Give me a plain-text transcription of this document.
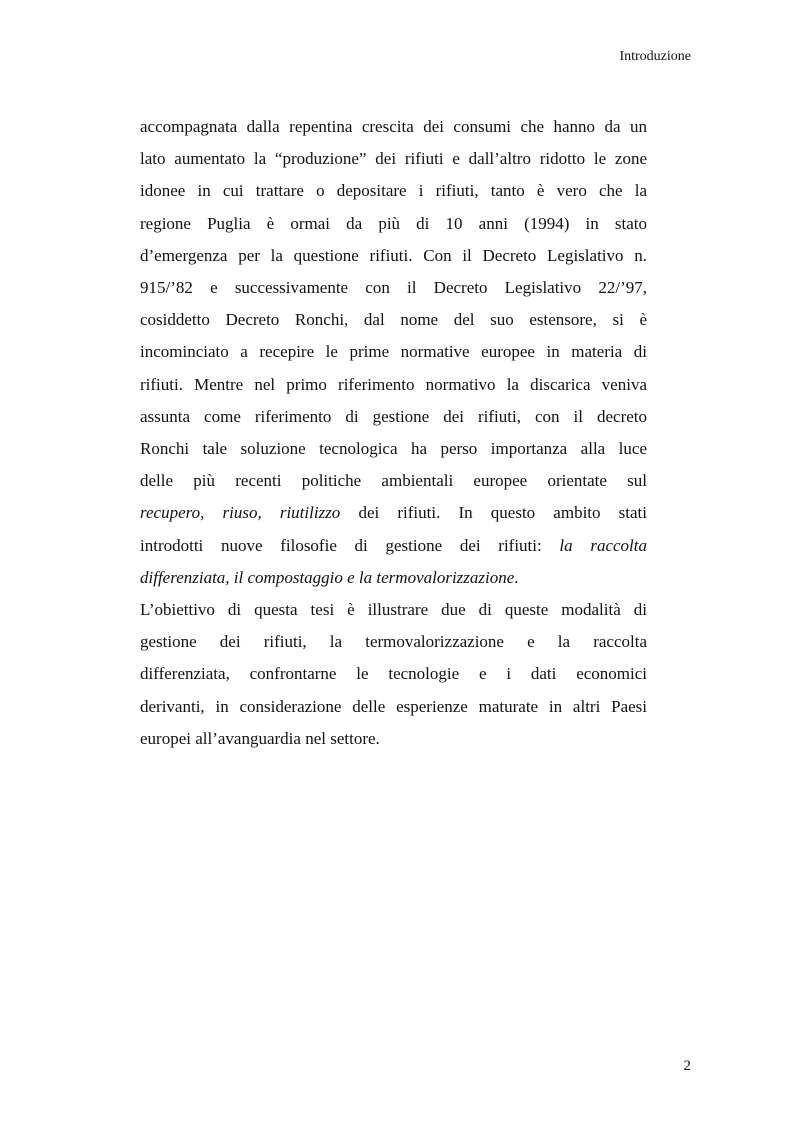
Introduzione

accompagnata dalla repentina crescita dei consumi che hanno da un
lato aumentato la “produzione” dei rifiuti e dall’altro ridotto le zone
idonee in cui trattare o depositare i rifiuti, tanto è vero che la
regione Puglia è ormai da più di 10 anni (1994) in stato
d’emergenza per la questione rifiuti. Con il Decreto Legislativo n.
915/’82 e successivamente con il Decreto Legislativo 22/’97,
cosiddetto Decreto Ronchi, dal nome del suo estensore, si è
incominciato a recepire le prime normative europee in materia di
rifiuti. Mentre nel primo riferimento normativo la discarica veniva
assunta come riferimento di gestione dei rifiuti, con il decreto
Ronchi tale soluzione tecnologica ha perso importanza alla luce
delle più recenti politiche ambientali europee orientate sul
recupero, riuso, riutilizzo dei rifiuti. In questo ambito stati
introdotti nuove filosofie di gestione dei rifiuti: la raccolta
differenziata, il compostaggio e la termovalorizzazione.

L’obiettivo di questa tesi è illustrare due di queste modalità di
gestione dei rifiuti, la termovalorizzazione e la raccolta
differenziata, confrontarne le tecnologie e i dati economici
derivanti, in considerazione delle esperienze maturate in altri Paesi
europei all’avanguardia nel settore.

2
